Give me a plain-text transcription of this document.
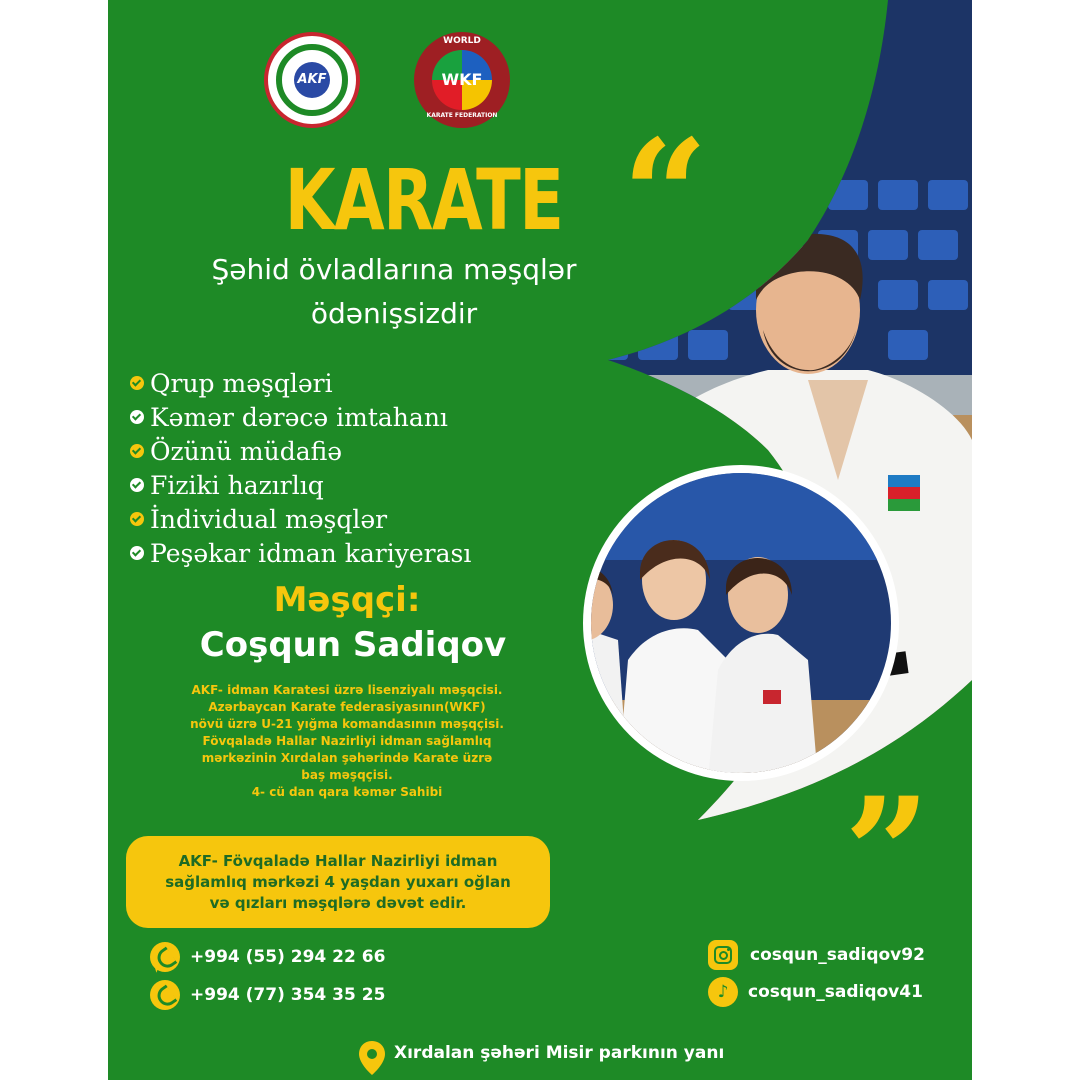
AKF
WORLD
WKF
KARATE FEDERATION
KARATE
Şəhid övladlarına məşqlər
ödənişsizdir
“
”
Qrup məşqləri
Kəmər dərəcə imtahanı
Özünü müdafiə
Fiziki hazırlıq
İndividual məşqlər
Peşəkar idman kariyerası
Məşqçi:
Coşqun Sadiqov
AKF- idman Karatesi üzrə lisenziyalı məşqcisi.
Azərbaycan Karate federasiyasının(WKF)
növü üzrə U-21 yığma komandasının məşqçisi.
Fövqaladə Hallar Nazirliyi idman sağlamlıq
mərkəzinin Xırdalan şəhərində Karate üzrə
baş məşqçisi.
4- cü dan qara kəmər Sahibi
AKF- Fövqaladə Hallar Nazirliyi idman
sağlamlıq mərkəzi 4 yaşdan yuxarı oğlan
və qızları məşqlərə dəvət edir.
+994 (55) 294 22 66
+994 (77) 354 35 25
cosqun_sadiqov92
♪	cosqun_sadiqov41
Xırdalan şəhəri Misir parkının yanı
